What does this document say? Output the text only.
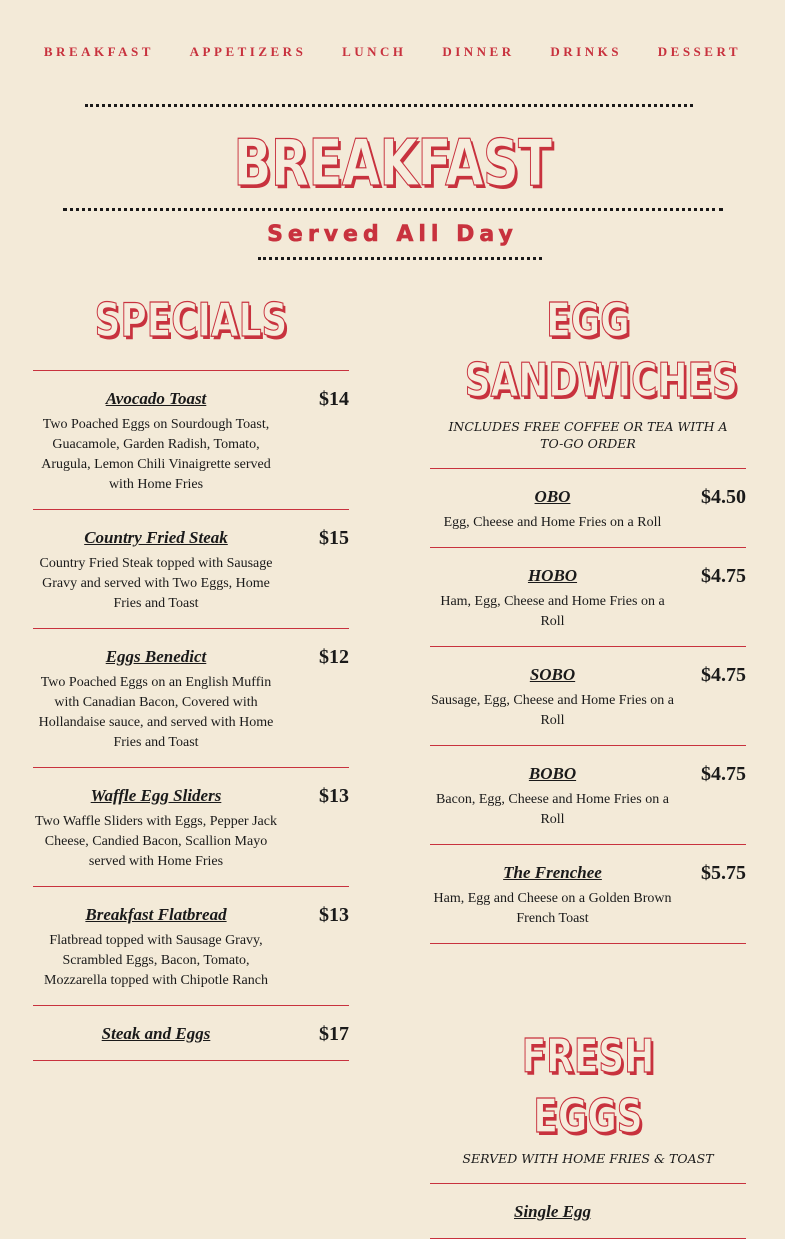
BREAKFAST	APPETIZERS	LUNCH	DINNER	DRINKS	DESSERT
BREAKFAST
Served All Day
SPECIALS
Avocado Toast	$14
Two Poached Eggs on Sourdough Toast, Guacamole, Garden Radish, Tomato, Arugula, Lemon Chili Vinaigrette served with Home Fries
Country Fried Steak	$15
Country Fried Steak topped with Sausage Gravy and served with Two Eggs, Home Fries and Toast
Eggs Benedict	$12
Two Poached Eggs on an English Muffin with Canadian Bacon, Covered with Hollandaise sauce, and served with Home Fries and Toast
Waffle Egg Sliders	$13
Two Waffle Sliders with Eggs, Pepper Jack Cheese, Candied Bacon, Scallion Mayo served with Home Fries
Breakfast Flatbread	$13
Flatbread topped with Sausage Gravy, Scrambled Eggs, Bacon, Tomato, Mozzarella topped with Chipotle Ranch
Steak and Eggs	$17
EGG SANDWICHES
INCLUDES FREE COFFEE OR TEA WITH A TO-GO ORDER
OBO	$4.50
Egg, Cheese and Home Fries on a Roll
HOBO	$4.75
Ham, Egg, Cheese and Home Fries on a Roll
SOBO	$4.75
Sausage, Egg, Cheese and Home Fries on a Roll
BOBO	$4.75
Bacon, Egg, Cheese and Home Fries on a Roll
The Frenchee	$5.75
Ham, Egg and Cheese on a Golden Brown French Toast
FRESH EGGS
SERVED WITH HOME FRIES & TOAST
Single Egg
